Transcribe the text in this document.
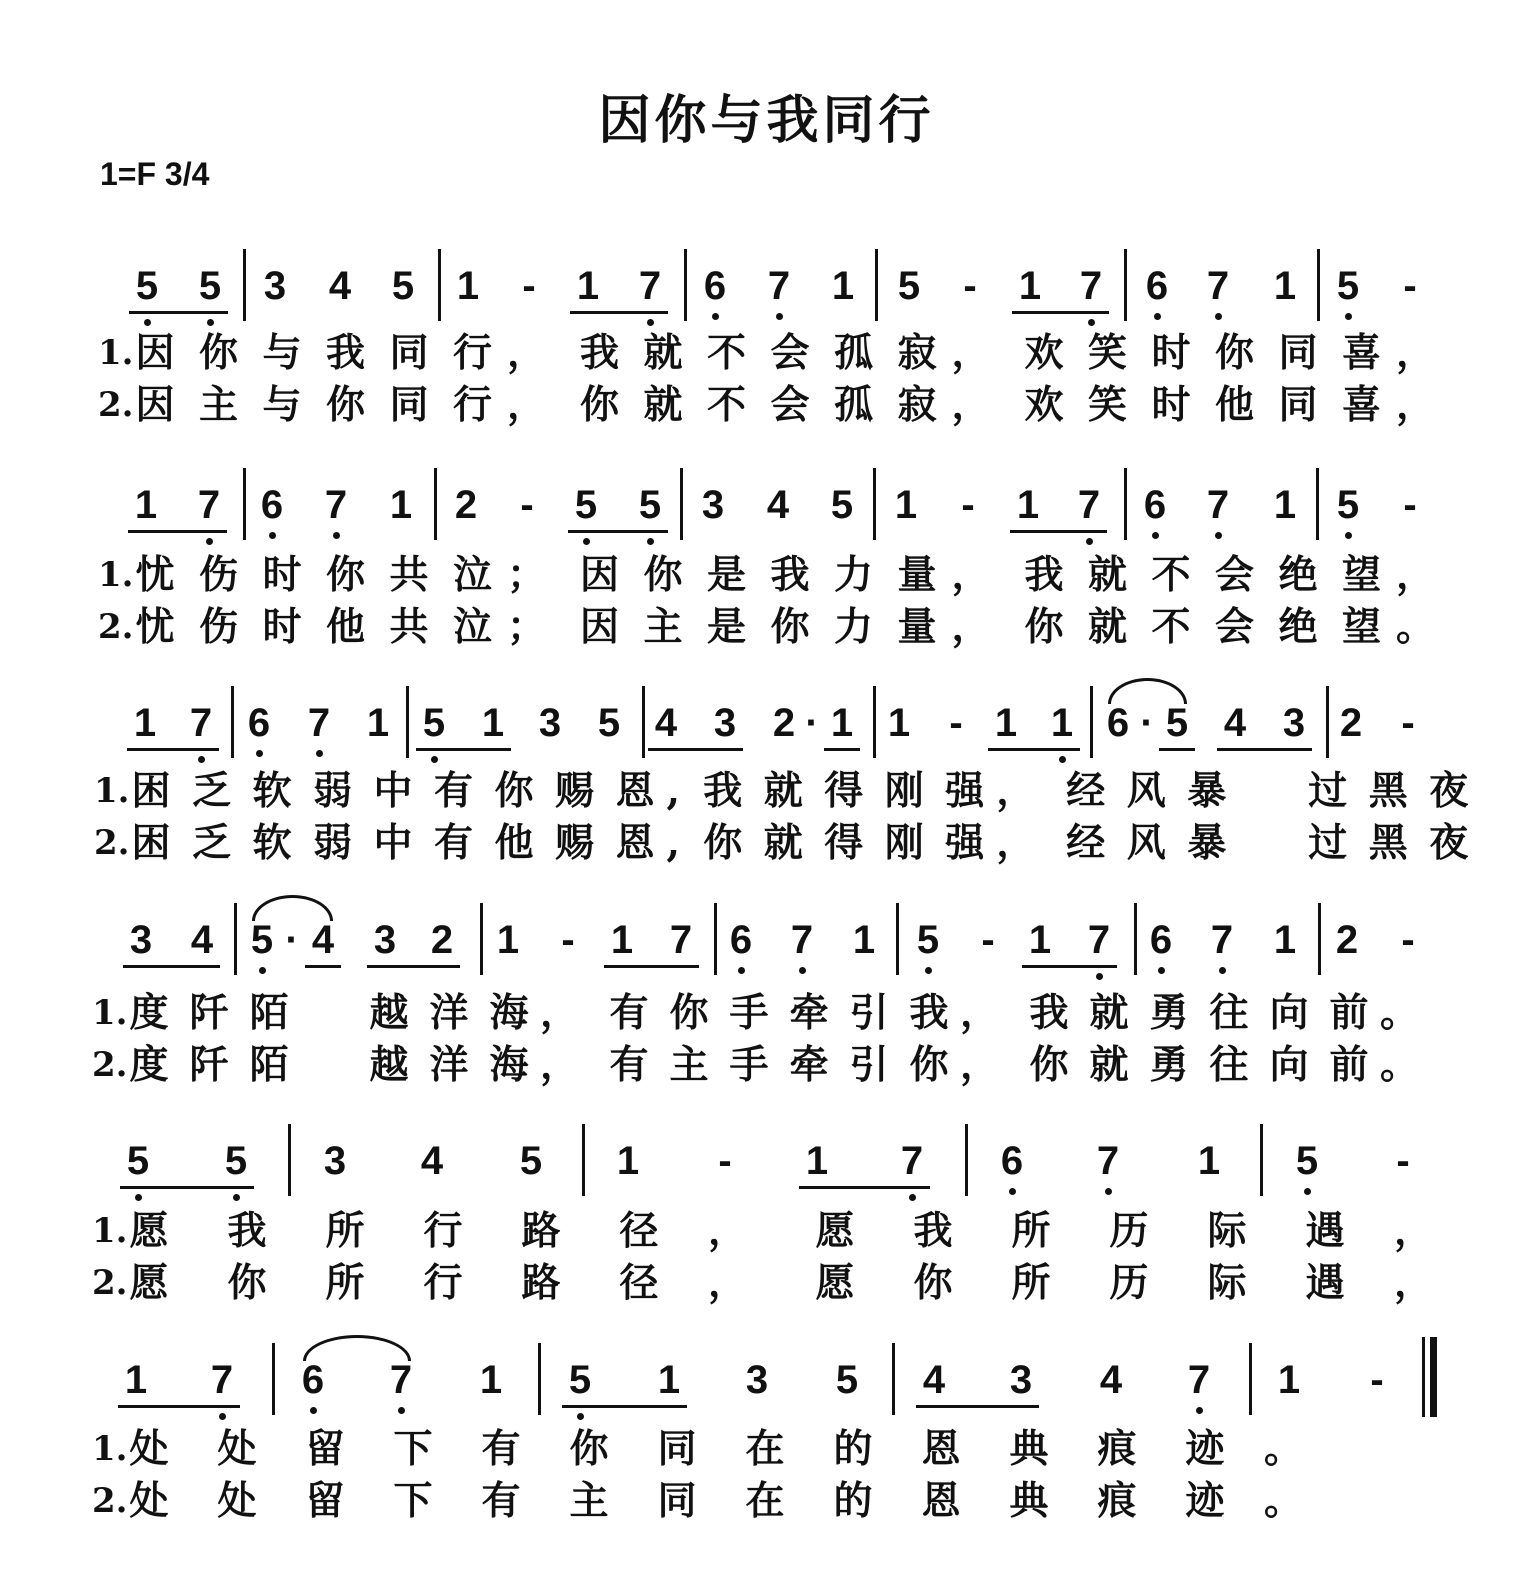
因你与我同行
1=F 3/4
5 5 3 4 5 1	-	1 7 6 7 1 5	-	1 7 6 7 1 5	-
1. 因 你 与 我 同 行 ， 我 就 不 会 孤 寂 ， 欢 笑 时 你 同 喜 ，
2. 因 主 与 你 同 行 ， 你 就 不 会 孤 寂 ， 欢 笑 时 他 同 喜 ，
1 7 6 7 1 2	-	5 5 3 4 5 1	-	1 7 6 7 1 5	-
1. 忧 伤 时 你 共 泣 ； 因 你 是 我 力 量 ， 我 就 不 会 绝 望 ，
2. 忧 伤 时 他 共 泣 ； 因 主 是 你 力 量 ， 你 就 不 会 绝 望 。
1 7 6 7 1 5 1 3 5 4 3 2 · 1 1 - 1 1 6 · 5 4 3 2 -
1. 困 乏 软 弱 中 有 你 赐 恩 , 我 就 得 刚 强 ， 经 风 暴 过 黑 夜
2. 困 乏 软 弱 中 有 他 赐 恩 , 你 就 得 刚 强 ， 经 风 暴 过 黑 夜
3 4 5 · 4 3 2 1	- 1 7 6 7 1 5	- 1 7 6 7 1 2	-
1. 度 阡 陌 越 洋 海 ， 有 你 手 牵 引 我 ， 我 就 勇 往 向 前 。
2. 度 阡 陌 越 洋 海 ， 有 主 手 牵 引 你 ， 你 就 勇 往 向 前 。
5 5 3 4 5 1	-	1 7 6 7 1 5	-
1. 愿 我 所 行 路 径 ， 愿 我 所 历 际 遇 ，
2. 愿 你 所 行 路 径 ， 愿 你 所 历 际 遇 ，
1 7 6 7 1 5 1 3 5 4 3 4 7 1	-
1. 处 处 留 下 有 你 同 在 的 恩 典 痕 迹 。
2. 处 处 留 下 有 主 同 在 的 恩 典 痕 迹 。
